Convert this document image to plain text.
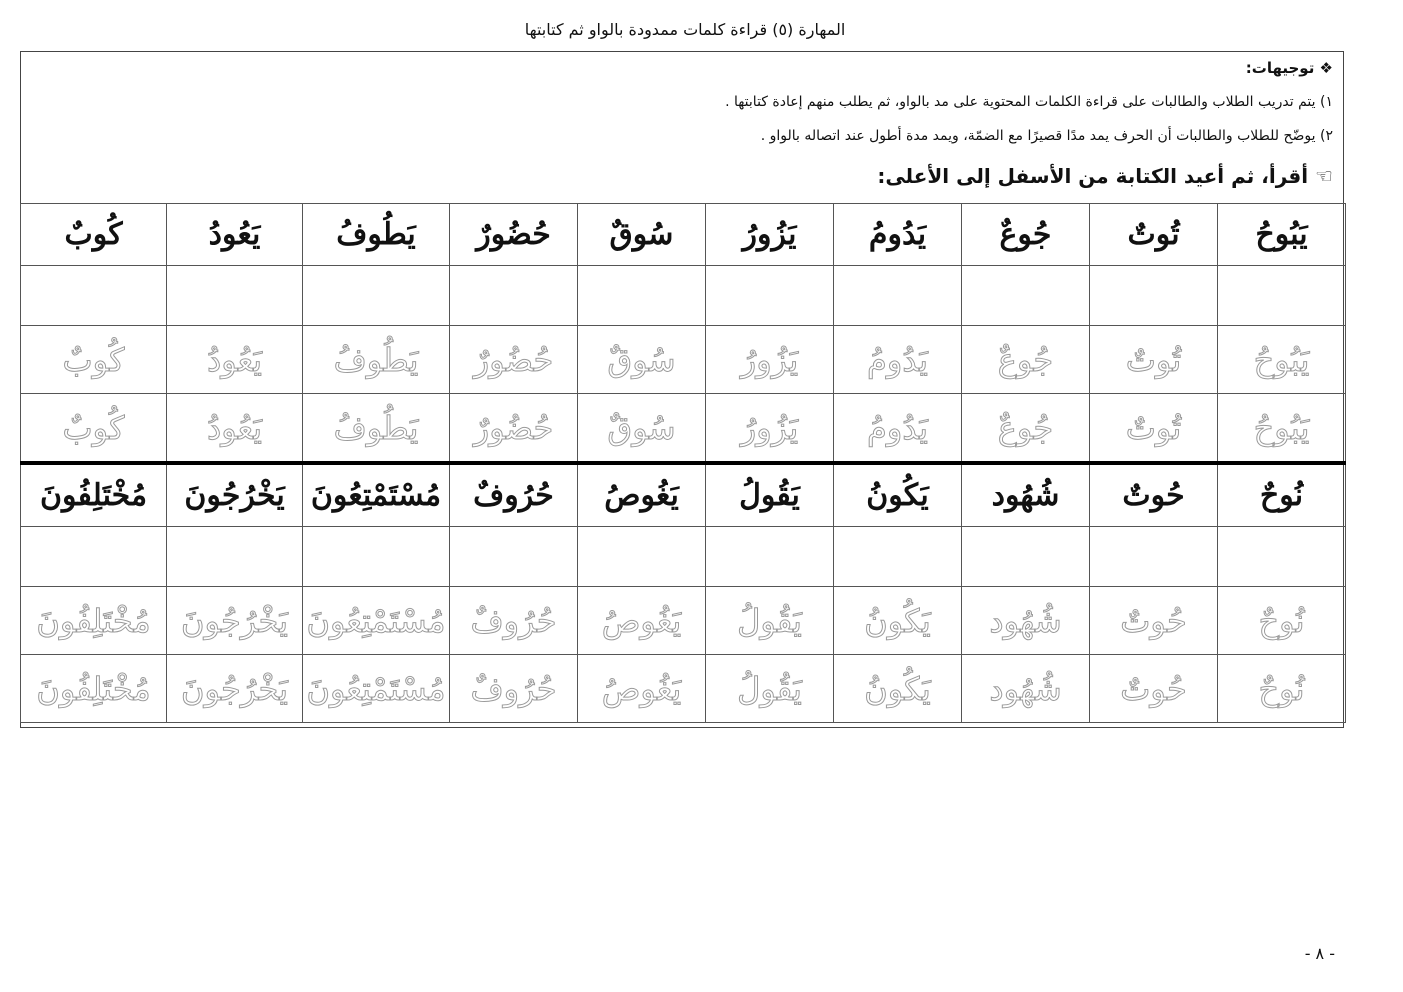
المهارة (٥) قراءة كلمات ممدودة بالواو ثم كتابتها
❖ توجيهات:
١) يتم تدريب الطلاب والطالبات على قراءة الكلمات المحتوية على مد بالواو، ثم يطلب منهم إعادة كتابتها .
٢) يوضّح للطلاب والطالبات أن الحرف يمد مدًا قصيرًا مع الضمّة، ويمد مدة أطول عند اتصاله بالواو .
☜ أقرأ، ثم أعيد الكتابة من الأسفل إلى الأعلى:
يَبُوحُ	تُوتٌ	جُوعٌ	يَدُومُ	يَزُورُ	سُوقٌ	حُضُورٌ	يَطُوفُ	يَعُودُ	كُوبٌ

يَبُوحُ	تُوتٌ	جُوعٌ	يَدُومُ	يَزُورُ	سُوقٌ	حُضُورٌ	يَطُوفُ	يَعُودُ	كُوبٌ
يَبُوحُ	تُوتٌ	جُوعٌ	يَدُومُ	يَزُورُ	سُوقٌ	حُضُورٌ	يَطُوفُ	يَعُودُ	كُوبٌ
نُوحٌ	حُوتٌ	شُهُود	يَكُونُ	يَقُولُ	يَغُوصُ	حُرُوفٌ	مُسْتَمْتِعُونَ	يَخْرُجُونَ	مُخْتَلِفُونَ

نُوحٌ	حُوتٌ	شُهُود	يَكُونُ	يَقُولُ	يَغُوصُ	حُرُوفٌ	مُسْتَمْتِعُونَ	يَخْرُجُونَ	مُخْتَلِفُونَ
نُوحٌ	حُوتٌ	شُهُود	يَكُونُ	يَقُولُ	يَغُوصُ	حُرُوفٌ	مُسْتَمْتِعُونَ	يَخْرُجُونَ	مُخْتَلِفُونَ
- ٨ -
